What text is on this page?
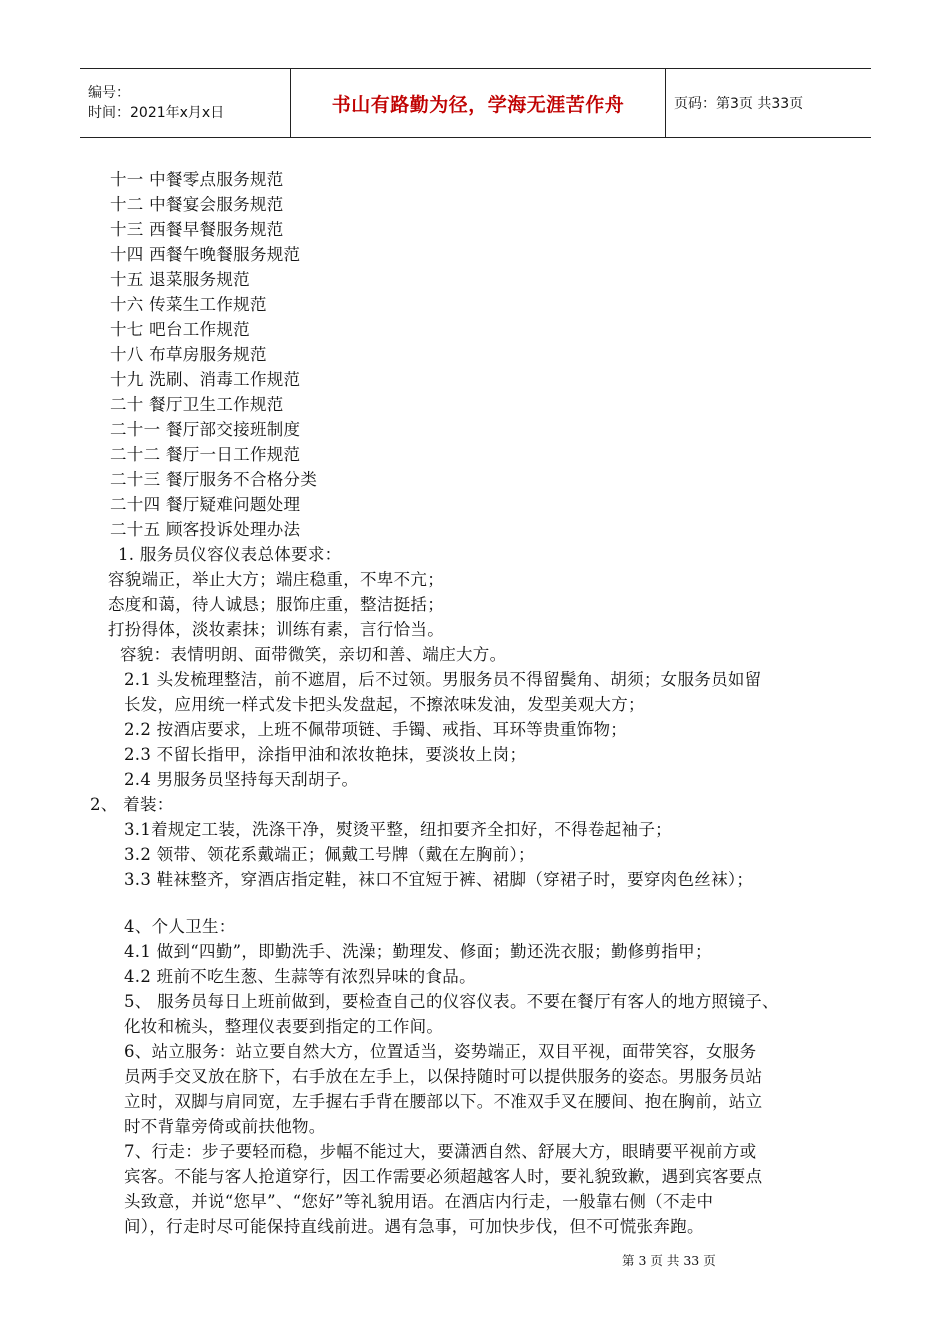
编号：
时间：2021年x月x日	书山有路勤为径，学海无涯苦作舟	页码：第3页 共33页
十一 中餐零点服务规范
十二 中餐宴会服务规范
十三 西餐早餐服务规范
十四 西餐午晚餐服务规范
十五 退菜服务规范
十六 传菜生工作规范
十七 吧台工作规范
十八 布草房服务规范
十九 洗刷、消毒工作规范
二十 餐厅卫生工作规范
二十一 餐厅部交接班制度
二十二 餐厅一日工作规范
二十三 餐厅服务不合格分类
二十四 餐厅疑难问题处理
二十五 顾客投诉处理办法
1. 服务员仪容仪表总体要求：
容貌端正，举止大方；端庄稳重，不卑不亢；
态度和蔼，待人诚恳；服饰庄重，整洁挺括；
打扮得体，淡妆素抹；训练有素，言行恰当。
容貌：表情明朗、面带微笑，亲切和善、端庄大方。
2.1 头发梳理整洁，前不遮眉，后不过领。男服务员不得留鬓角、胡须；女服务员如留
长发，应用统一样式发卡把头发盘起，不擦浓味发油，发型美观大方；
2.2 按酒店要求，上班不佩带项链、手镯、戒指、耳环等贵重饰物；
2.3 不留长指甲，涂指甲油和浓妆艳抹，要淡妆上岗；
2.4 男服务员坚持每天刮胡子。
2、 着装：
3.1着规定工装，洗涤干净，熨烫平整，纽扣要齐全扣好，不得卷起袖子；
3.2 领带、领花系戴端正；佩戴工号牌（戴在左胸前）；
3.3 鞋袜整齐，穿酒店指定鞋，袜口不宜短于裤、裙脚（穿裙子时，要穿肉色丝袜）；
4、个人卫生：
4.1 做到“四勤”，即勤洗手、洗澡；勤理发、修面；勤还洗衣服；勤修剪指甲；
4.2 班前不吃生葱、生蒜等有浓烈异味的食品。
5、 服务员每日上班前做到，要检查自己的仪容仪表。不要在餐厅有客人的地方照镜子、
化妆和梳头，整理仪表要到指定的工作间。
6、站立服务：站立要自然大方，位置适当，姿势端正，双目平视，面带笑容，女服务
员两手交叉放在脐下，右手放在左手上，以保持随时可以提供服务的姿态。男服务员站
立时，双脚与肩同宽，左手握右手背在腰部以下。不准双手叉在腰间、抱在胸前，站立
时不背靠旁倚或前扶他物。
7、行走：步子要轻而稳，步幅不能过大，要潇洒自然、舒展大方，眼睛要平视前方或
宾客。不能与客人抢道穿行，因工作需要必须超越客人时，要礼貌致歉，遇到宾客要点
头致意，并说“您早”、“您好”等礼貌用语。在酒店内行走，一般靠右侧（不走中
间），行走时尽可能保持直线前进。遇有急事，可加快步伐，但不可慌张奔跑。
第 3 页 共 33 页
